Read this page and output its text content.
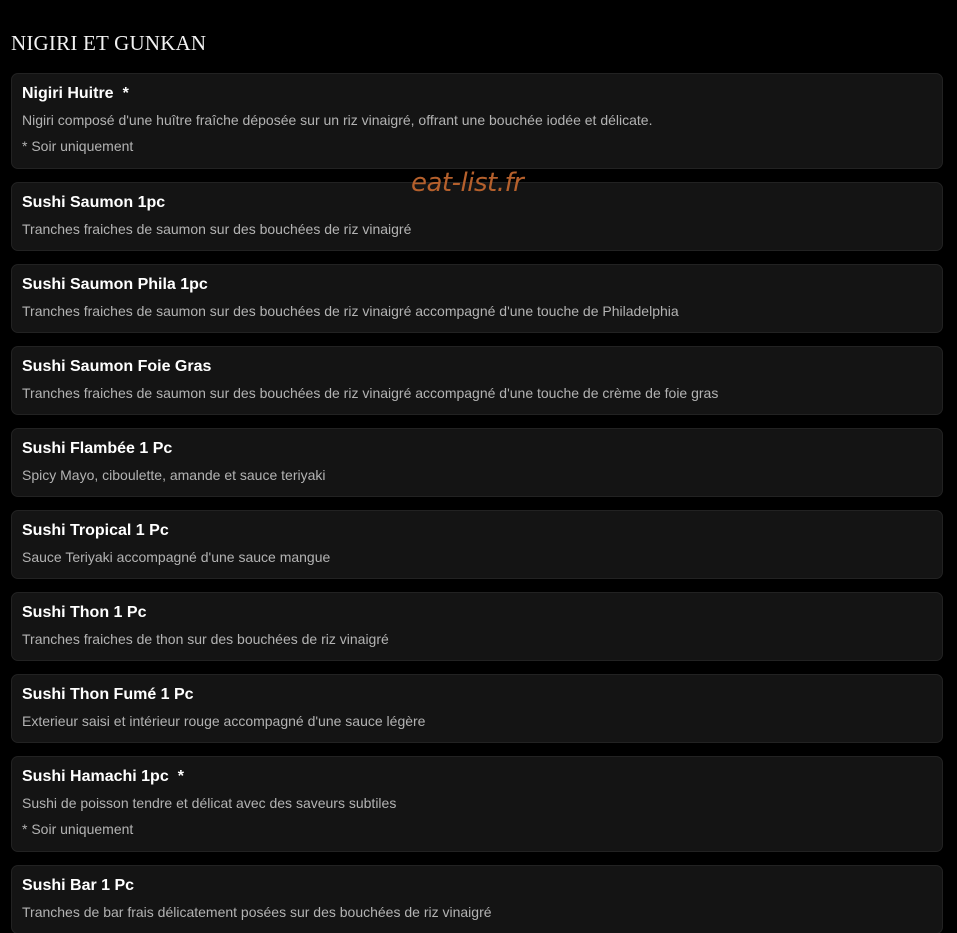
NIGIRI ET GUNKAN
Nigiri Huitre *
Nigiri composé d'une huître fraîche déposée sur un riz vinaigré, offrant une bouchée iodée et délicate.
* Soir uniquement
Sushi Saumon 1pc
Tranches fraiches de saumon sur des bouchées de riz vinaigré
Sushi Saumon Phila 1pc
Tranches fraiches de saumon sur des bouchées de riz vinaigré accompagné d'une touche de Philadelphia
Sushi Saumon Foie Gras
Tranches fraiches de saumon sur des bouchées de riz vinaigré accompagné d'une touche de crème de foie gras
Sushi Flambée 1 Pc
Spicy Mayo, ciboulette, amande et sauce teriyaki
Sushi Tropical 1 Pc
Sauce Teriyaki accompagné d'une sauce mangue
Sushi Thon 1 Pc
Tranches fraiches de thon sur des bouchées de riz vinaigré
Sushi Thon Fumé 1 Pc
Exterieur saisi et intérieur rouge accompagné d'une sauce légère
Sushi Hamachi 1pc *
Sushi de poisson tendre et délicat avec des saveurs subtiles
* Soir uniquement
Sushi Bar 1 Pc
Tranches de bar frais délicatement posées sur des bouchées de riz vinaigré
eat-list.fr
